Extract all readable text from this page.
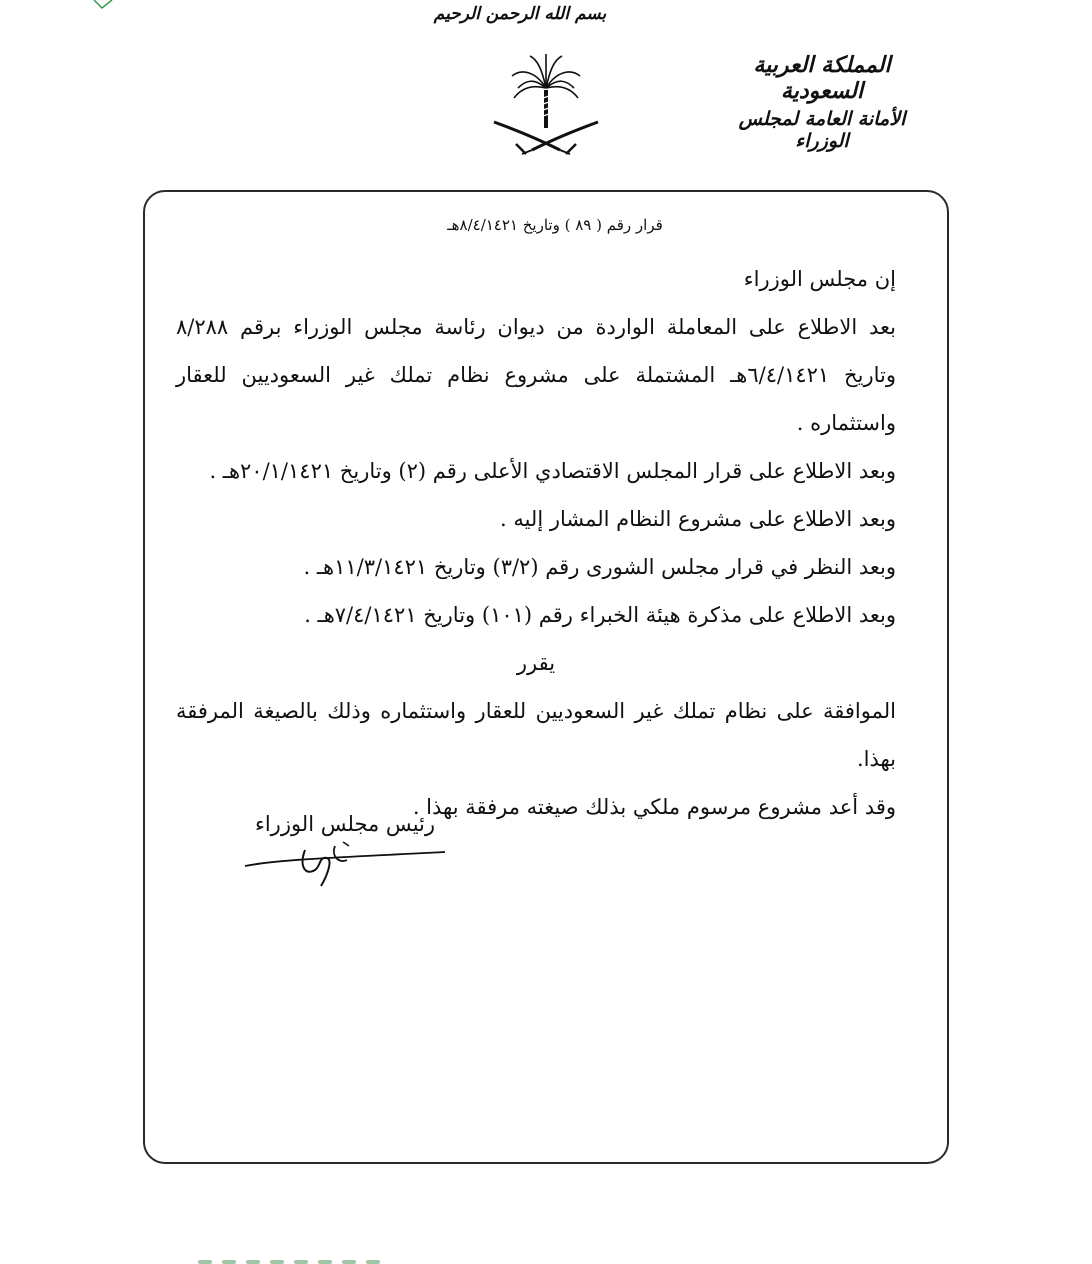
بسم الله الرحمن الرحيم
المملكة العربية السعودية
الأمانة العامة لمجلس الوزراء
قرار رقم ( ٨٩ ) وتاريخ ٨/٤/١٤٢١هـ

إن مجلس الوزراء

بعد الاطلاع على المعاملة الواردة من ديوان رئاسة مجلس الوزراء برقم ٨/٢٨٨ وتاريخ ٦/٤/١٤٢١هـ المشتملة على مشروع نظام تملك غير السعوديين للعقار واستثماره .

وبعد الاطلاع على قرار المجلس الاقتصادي الأعلى رقم (٢) وتاريخ ٢٠/١/١٤٢١هـ .

وبعد الاطلاع على مشروع النظام المشار إليه .

وبعد النظر في قرار مجلس الشورى رقم (٣/٢) وتاريخ ١١/٣/١٤٢١هـ .

وبعد الاطلاع على مذكرة هيئة الخبراء رقم (١٠١) وتاريخ ٧/٤/١٤٢١هـ .

يقرر

الموافقة على نظام تملك غير السعوديين للعقار واستثماره وذلك بالصيغة المرفقة بهذا.

وقد أعد مشروع مرسوم ملكي بذلك صيغته مرفقة بهذا .

رئيس مجلس الوزراء
